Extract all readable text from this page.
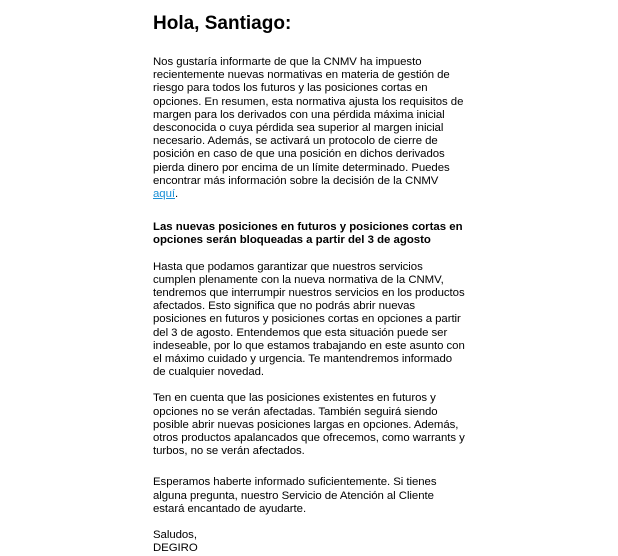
Hola, Santiago:

Nos gustaría informarte de que la CNMV ha impuesto recientemente nuevas normativas en materia de gestión de riesgo para todos los futuros y las posiciones cortas en opciones. En resumen, esta normativa ajusta los requisitos de margen para los derivados con una pérdida máxima inicial desconocida o cuya pérdida sea superior al margen inicial necesario. Además, se activará un protocolo de cierre de posición en caso de que una posición en dichos derivados pierda dinero por encima de un límite determinado. Puedes encontrar más información sobre la decisión de la CNMV aquí.

Las nuevas posiciones en futuros y posiciones cortas en opciones serán bloqueadas a partir del 3 de agosto

Hasta que podamos garantizar que nuestros servicios cumplen plenamente con la nueva normativa de la CNMV, tendremos que interrumpir nuestros servicios en los productos afectados. Esto significa que no podrás abrir nuevas posiciones en futuros y posiciones cortas en opciones a partir del 3 de agosto. Entendemos que esta situación puede ser indeseable, por lo que estamos trabajando en este asunto con el máximo cuidado y urgencia. Te mantendremos informado de cualquier novedad.

Ten en cuenta que las posiciones existentes en futuros y opciones no se verán afectadas. También seguirá siendo posible abrir nuevas posiciones largas en opciones. Además, otros productos apalancados que ofrecemos, como warrants y turbos, no se verán afectados.

Esperamos haberte informado suficientemente. Si tienes alguna pregunta, nuestro Servicio de Atención al Cliente estará encantado de ayudarte.

Saludos,
DEGIRO
